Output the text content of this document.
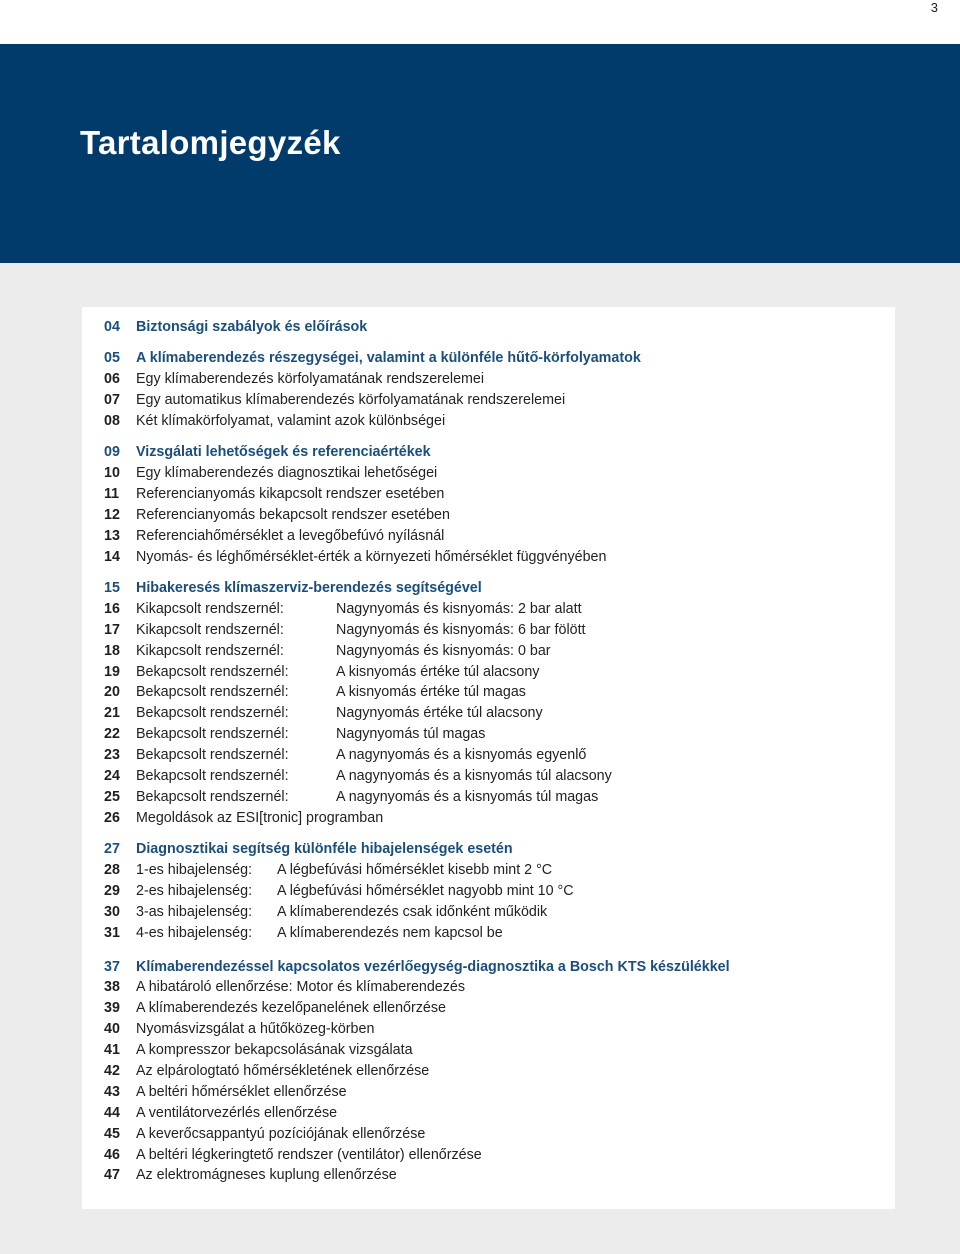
3
Tartalomjegyzék
04 Biztonsági szabályok és előírások
05 A klímaberendezés részegységei, valamint a különféle hűtő-körfolyamatok
06 Egy klímaberendezés körfolyamatának rendszerelemei
07 Egy automatikus klímaberendezés körfolyamatának rendszerelemei
08 Két klímakörfolyamat, valamint azok különbségei
09 Vizsgálati lehetőségek és referenciaértékek
10 Egy klímaberendezés diagnosztikai lehetőségei
11 Referencianyomás kikapcsolt rendszer esetében
12 Referencianyomás bekapcsolt rendszer esetében
13 Referenciahőmérséklet a levegőbefúvó nyílásnál
14 Nyomás- és léghőmérséklet-érték a környezeti hőmérséklet függvényében
15 Hibakeresés klímaszerviz-berendezés segítségével
16 Kikapcsolt rendszernél:	Nagynyomás és kisnyomás: 2 bar alatt
17 Kikapcsolt rendszernél:	Nagynyomás és kisnyomás: 6 bar fölött
18 Kikapcsolt rendszernél:	Nagynyomás és kisnyomás: 0 bar
19 Bekapcsolt rendszernél:	A kisnyomás értéke túl alacsony
20 Bekapcsolt rendszernél:	A kisnyomás értéke túl magas
21 Bekapcsolt rendszernél:	Nagynyomás értéke túl alacsony
22 Bekapcsolt rendszernél:	Nagynyomás túl magas
23 Bekapcsolt rendszernél:	A nagynyomás és a kisnyomás egyenlő
24 Bekapcsolt rendszernél:	A nagynyomás és a kisnyomás túl alacsony
25 Bekapcsolt rendszernél:	A nagynyomás és a kisnyomás túl magas
26 Megoldások az ESI[tronic] programban
27 Diagnosztikai segítség különféle hibajelenségek esetén
28 1-es hibajelenség: A légbefúvási hőmérséklet kisebb mint 2 °C
29 2-es hibajelenség: A légbefúvási hőmérséklet nagyobb mint 10 °C
30 3-as hibajelenség: A klímaberendezés csak időnként működik
31 4-es hibajelenség: A klímaberendezés nem kapcsol be
37 Klímaberendezéssel kapcsolatos vezérlőegység-diagnosztika a Bosch KTS készülékkel
38 A hibatároló ellenőrzése: Motor és klímaberendezés
39 A klímaberendezés kezelőpanelének ellenőrzése
40 Nyomásvizsgálat a hűtőközeg-körben
41 A kompresszor bekapcsolásának vizsgálata
42 Az elpárologtató hőmérsékletének ellenőrzése
43 A beltéri hőmérséklet ellenőrzése
44 A ventilátorvezérlés ellenőrzése
45 A keverőcsappantyú pozíciójának ellenőrzése
46 A beltéri légkeringtető rendszer (ventilátor) ellenőrzése
47 Az elektromágneses kuplung ellenőrzése
